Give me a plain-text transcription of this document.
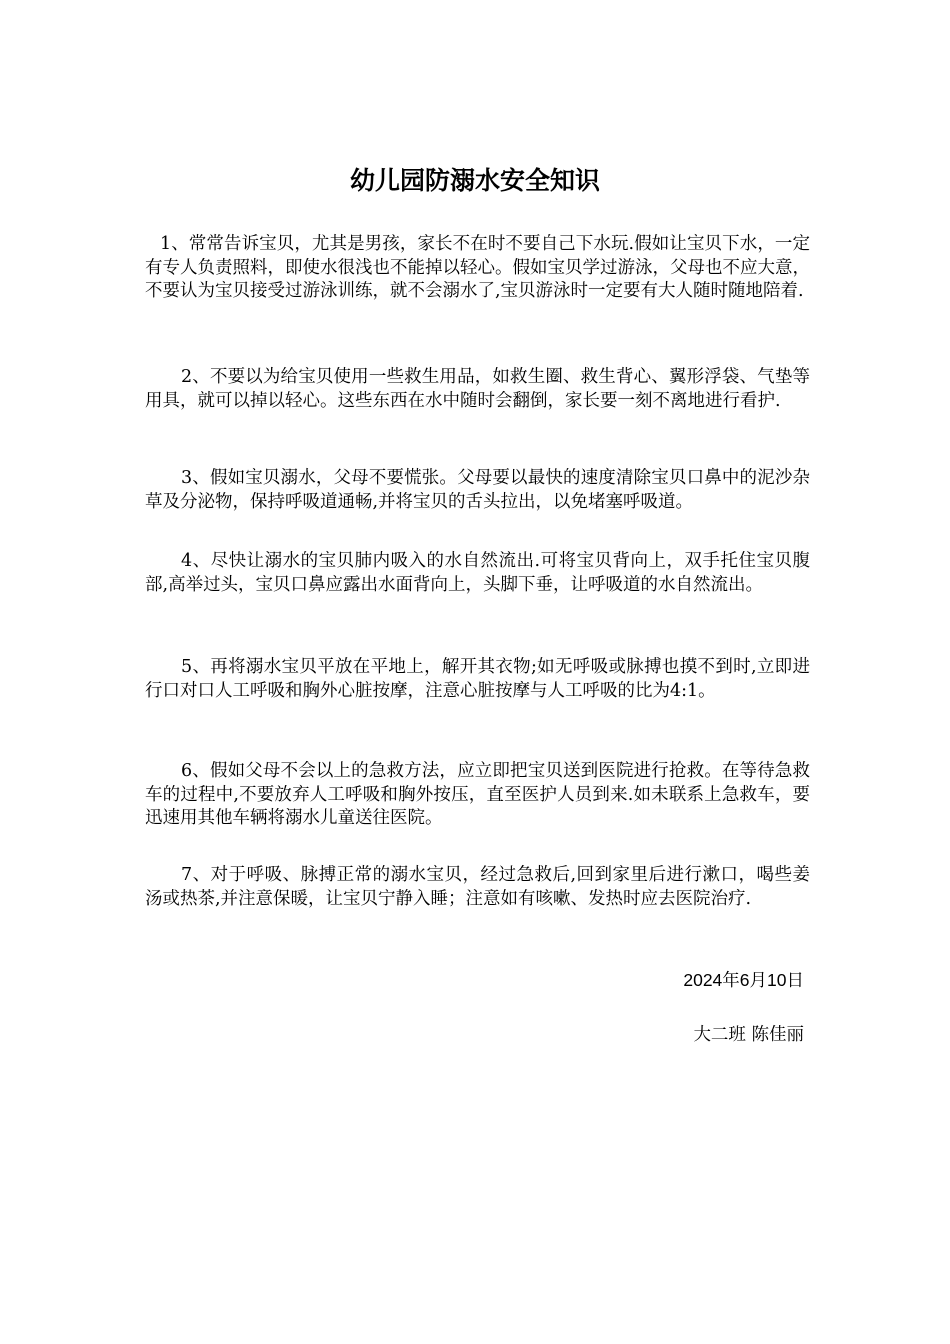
幼儿园防溺水安全知识

1、常常告诉宝贝，尤其是男孩，家长不在时不要自己下水玩.假如让宝贝下水，一定有专人负责照料，即使水很浅也不能掉以轻心。假如宝贝学过游泳，父母也不应大意，不要认为宝贝接受过游泳训练，就不会溺水了,宝贝游泳时一定要有大人随时随地陪着.

2、不要以为给宝贝使用一些救生用品，如救生圈、救生背心、翼形浮袋、气垫等用具，就可以掉以轻心。这些东西在水中随时会翻倒，家长要一刻不离地进行看护.

3、假如宝贝溺水，父母不要慌张。父母要以最快的速度清除宝贝口鼻中的泥沙杂草及分泌物，保持呼吸道通畅,并将宝贝的舌头拉出，以免堵塞呼吸道。

4、尽快让溺水的宝贝肺内吸入的水自然流出.可将宝贝背向上，双手托住宝贝腹部,高举过头，宝贝口鼻应露出水面背向上，头脚下垂，让呼吸道的水自然流出。

5、再将溺水宝贝平放在平地上，解开其衣物;如无呼吸或脉搏也摸不到时,立即进行口对口人工呼吸和胸外心脏按摩，注意心脏按摩与人工呼吸的比为4:1。

6、假如父母不会以上的急救方法，应立即把宝贝送到医院进行抢救。在等待急救车的过程中,不要放弃人工呼吸和胸外按压，直至医护人员到来.如未联系上急救车，要迅速用其他车辆将溺水儿童送往医院。

7、对于呼吸、脉搏正常的溺水宝贝，经过急救后,回到家里后进行漱口，喝些姜汤或热茶,并注意保暖，让宝贝宁静入睡；注意如有咳嗽、发热时应去医院治疗.

2024年6月10日
大二班 陈佳丽
